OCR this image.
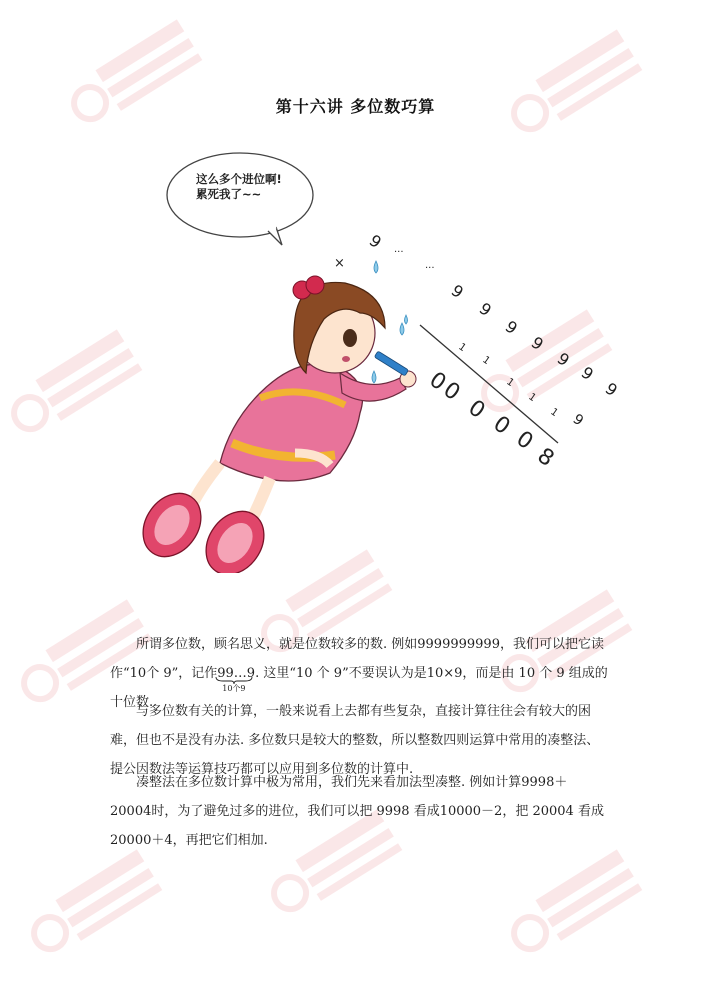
第十六讲 多位数巧算
9
···
···
9
9
9
9
9
9
9
×
1
1
1
1
1 9
0
0
0
0
8
0
这么多个进位啊!
累死我了~~

所谓多位数，顾名思义，就是位数较多的数. 例如9999999999，我们可以把它读作“10个 9”，记作99…9
10个9
. 这里“10 个 9”不要误认为是10×9，而是由 10 个 9 组成的十位数.

与多位数有关的计算，一般来说看上去都有些复杂，直接计算往往会有较大的困难，但也不是没有办法. 多位数只是较大的整数，所以整数四则运算中常用的凑整法、提公因数法等运算技巧都可以应用到多位数的计算中.

凑整法在多位数计算中极为常用，我们先来看加法型凑整. 例如计算9998＋20004时，为了避免过多的进位，我们可以把 9998 看成10000－2，把 20004 看成20000＋4，再把它们相加.
